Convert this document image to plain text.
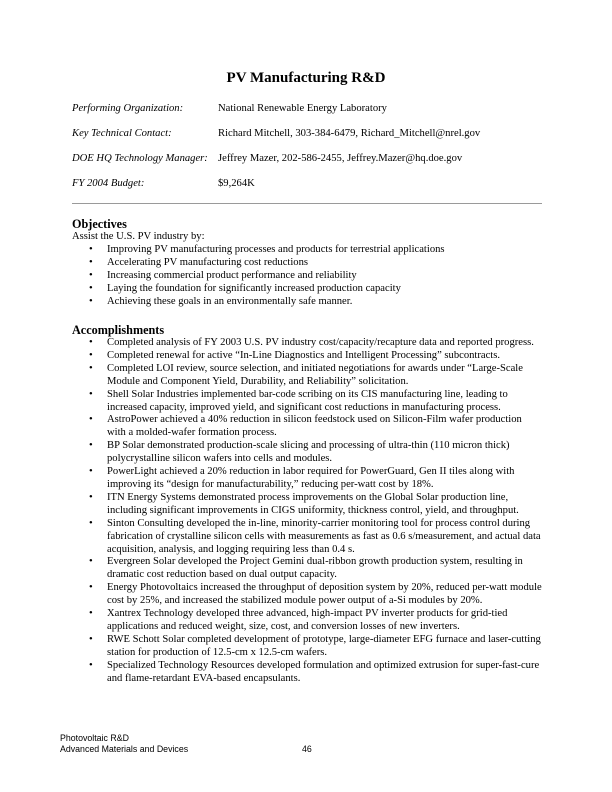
PV Manufacturing R&D
Performing Organization:	National Renewable Energy Laboratory
Key Technical Contact:	Richard Mitchell, 303-384-6479, Richard_Mitchell@nrel.gov
DOE HQ Technology Manager: Jeffrey Mazer, 202-586-2455, Jeffrey.Mazer@hq.doe.gov
FY 2004 Budget:	$9,264K
Objectives

Assist the U.S. PV industry by:

• Improving PV manufacturing processes and products for terrestrial applications
• Accelerating PV manufacturing cost reductions
• Increasing commercial product performance and reliability
• Laying the foundation for significantly increased production capacity
• Achieving these goals in an environmentally safe manner.
Accomplishments
• Completed analysis of FY 2003 U.S. PV industry cost/capacity/recapture data and reported progress.
• Completed renewal for active “In-Line Diagnostics and Intelligent Processing” subcontracts.
• Completed LOI review, source selection, and initiated negotiations for awards under “Large-Scale Module and Component Yield, Durability, and Reliability” solicitation.
• Shell Solar Industries implemented bar-code scribing on its CIS manufacturing line, leading to increased capacity, improved yield, and significant cost reductions in manufacturing process.
• AstroPower achieved a 40% reduction in silicon feedstock used on Silicon-Film wafer production with a molded-wafer formation process.
• BP Solar demonstrated production-scale slicing and processing of ultra-thin (110 micron thick) polycrystalline silicon wafers into cells and modules.
• PowerLight achieved a 20% reduction in labor required for PowerGuard, Gen II tiles along with improving its “design for manufacturability,” reducing per-watt cost by 18%.
• ITN Energy Systems demonstrated process improvements on the Global Solar production line, including significant improvements in CIGS uniformity, thickness control, yield, and throughput.
• Sinton Consulting developed the in-line, minority-carrier monitoring tool for process control during fabrication of crystalline silicon cells with measurements as fast as 0.6 s/measurement, and actual data acquisition, analysis, and logging requiring less than 0.4 s.
• Evergreen Solar developed the Project Gemini dual-ribbon growth production system, resulting in dramatic cost reduction based on dual output capacity.
• Energy Photovoltaics increased the throughput of deposition system by 20%, reduced per-watt module cost by 25%, and increased the stabilized module power output of a-Si modules by 20%.
• Xantrex Technology developed three advanced, high-impact PV inverter products for grid-tied applications and reduced weight, size, cost, and conversion losses of new inverters.
• RWE Schott Solar completed development of prototype, large-diameter EFG furnace and laser-cutting station for production of 12.5-cm x 12.5-cm wafers.
• Specialized Technology Resources developed formulation and optimized extrusion for super-fast-cure and flame-retardant EVA-based encapsulants.
Photovoltaic R&D
Advanced Materials and Devices	46
